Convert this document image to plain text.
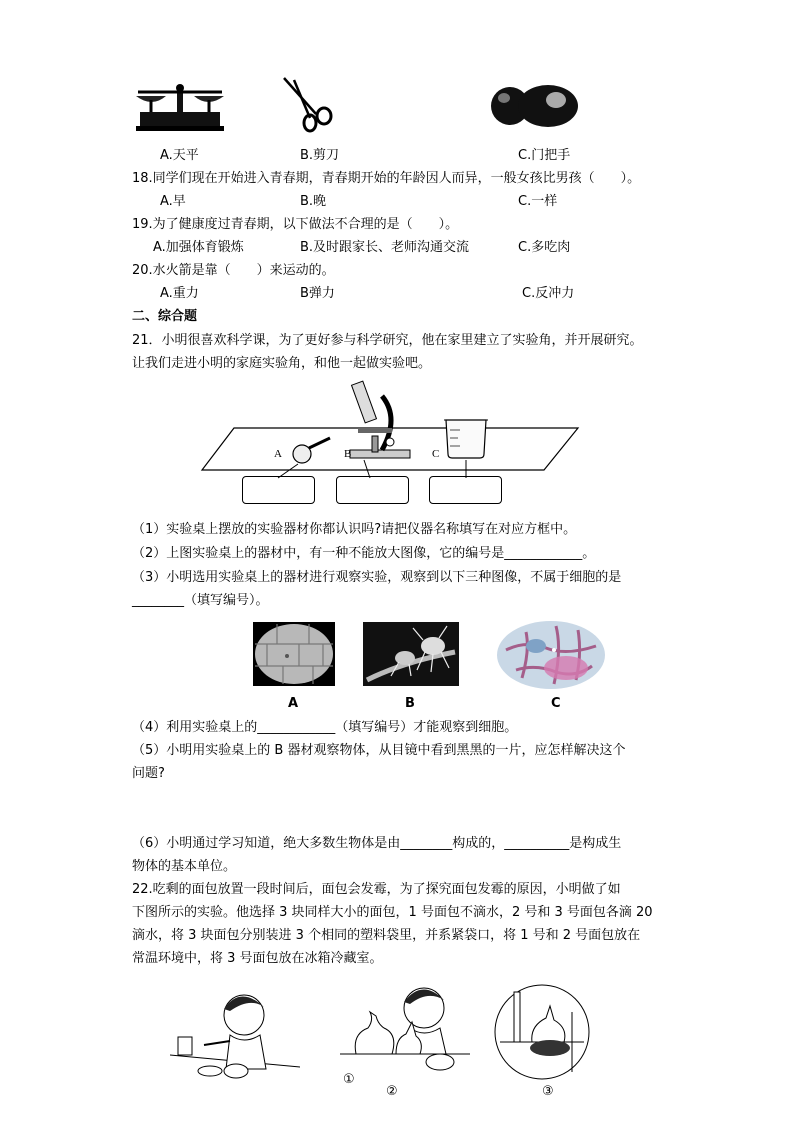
A.天平	B.剪刀	C.门把手
18.同学们现在开始进入青春期，青春期开始的年龄因人而异，一般女孩比男孩（　　）。
A.早	B.晚	C.一样
19.为了健康度过青春期，以下做法不合理的是（　　）。
A.加强体育锻炼	B.及时跟家长、老师沟通交流	C.多吃肉
20.水火箭是靠（　　）来运动的。
A.重力	B弹力	C.反冲力
二、综合题
21．小明很喜欢科学课，为了更好参与科学研究，他在家里建立了实验角，并开展研究。
让我们走进小明的家庭实验角，和他一起做实验吧。
A	B	C
（1）实验桌上摆放的实验器材你都认识吗?请把仪器名称填写在对应方框中。
（2）上图实验桌上的器材中，有一种不能放大图像，它的编号是____________。
（3）小明选用实验桌上的器材进行观察实验，观察到以下三种图像，不属于细胞的是
________（填写编号）。
A	B	C
（4）利用实验桌上的____________（填写编号）才能观察到细胞。
（5）小明用实验桌上的 B 器材观察物体，从目镜中看到黑黑的一片，应怎样解决这个
问题?
（6）小明通过学习知道，绝大多数生物体是由________构成的，__________是构成生
物体的基本单位。
22.吃剩的面包放置一段时间后，面包会发霉，为了探究面包发霉的原因，小明做了如
下图所示的实验。他选择 3 块同样大小的面包，1 号面包不滴水，2 号和 3 号面包各滴 20
滴水，将 3 块面包分别装进 3 个相同的塑料袋里，并系紧袋口，将 1 号和 2 号面包放在
常温环境中，将 3 号面包放在冰箱冷藏室。
①
②	③
